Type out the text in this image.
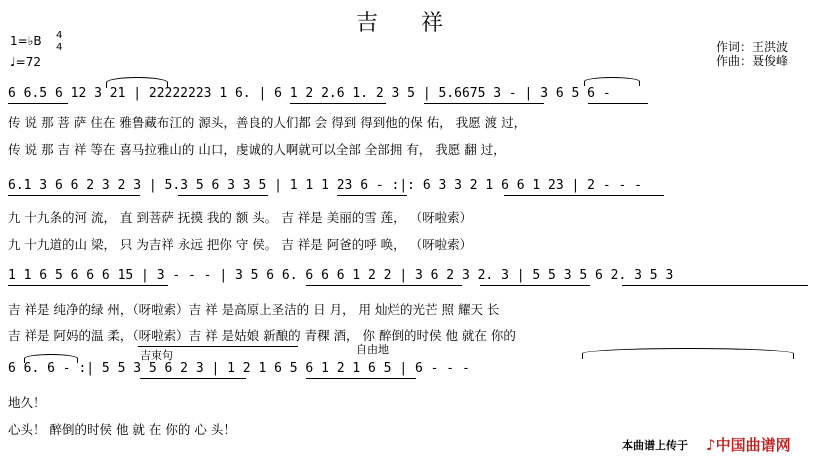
吉 祥
1=♭B 4
4
♩=72
作词：王洪波
作曲：聂俊峰
6 6.5 6 12 3 21 | 22222223 1 6. | 6 1 2 2.6 1. 2 3 5 | 5.6675 3 - | 3 6 5 6 -
传 说 那 菩 萨 住在 雅鲁藏布江的 源头，善良的人们都 会 得到 得到他的保 佑， 我愿 渡 过，
传 说 那 吉 祥 等在 喜马拉雅山的 山口，虔诚的人啊就可以全部 全部拥 有， 我愿 翻 过，
6.1 3 6 6 2 3 2 3 | 5.3 5 6 3 3 5 | 1 1 1 23 6 - :|: 6 3 3 2 1 6 6 1 23 | 2 - - -
九 十九条的河 流， 直 到菩萨 抚摸 我的 额 头。 吉 祥是 美丽的雪 莲， （呀啦索）
九 十九道的山 梁， 只 为吉祥 永远 把你 守 侯。 吉 祥是 阿爸的呼 唤， （呀啦索）
1 1 6 5 6 6 6 15 | 3 - - - | 3 5 6 6. 6 6 6 1 2 2 | 3 6 2 3 2. 3 | 5 5 3 5 6 2. 3 5 3
吉 祥是 纯净的绿 州，（呀啦索）吉 祥 是高原上圣洁的 日 月， 用 灿烂的光芒 照 耀天 长
吉 祥是 阿妈的温 柔，（呀啦索）吉 祥 是姑娘 新酿的 青稞 酒， 你 醉倒的时侯 他 就在 你的
吉束句	自由地
6 6. 6 - :| 5 5 3 5 6 2 3 | 1 2 1 6 5 6 1 2 1 6 5 | 6 - - -
地久！
心头！ 醉倒的时侯 他 就 在 你的 心 头！
本曲谱上传于 ♪中国曲谱网
